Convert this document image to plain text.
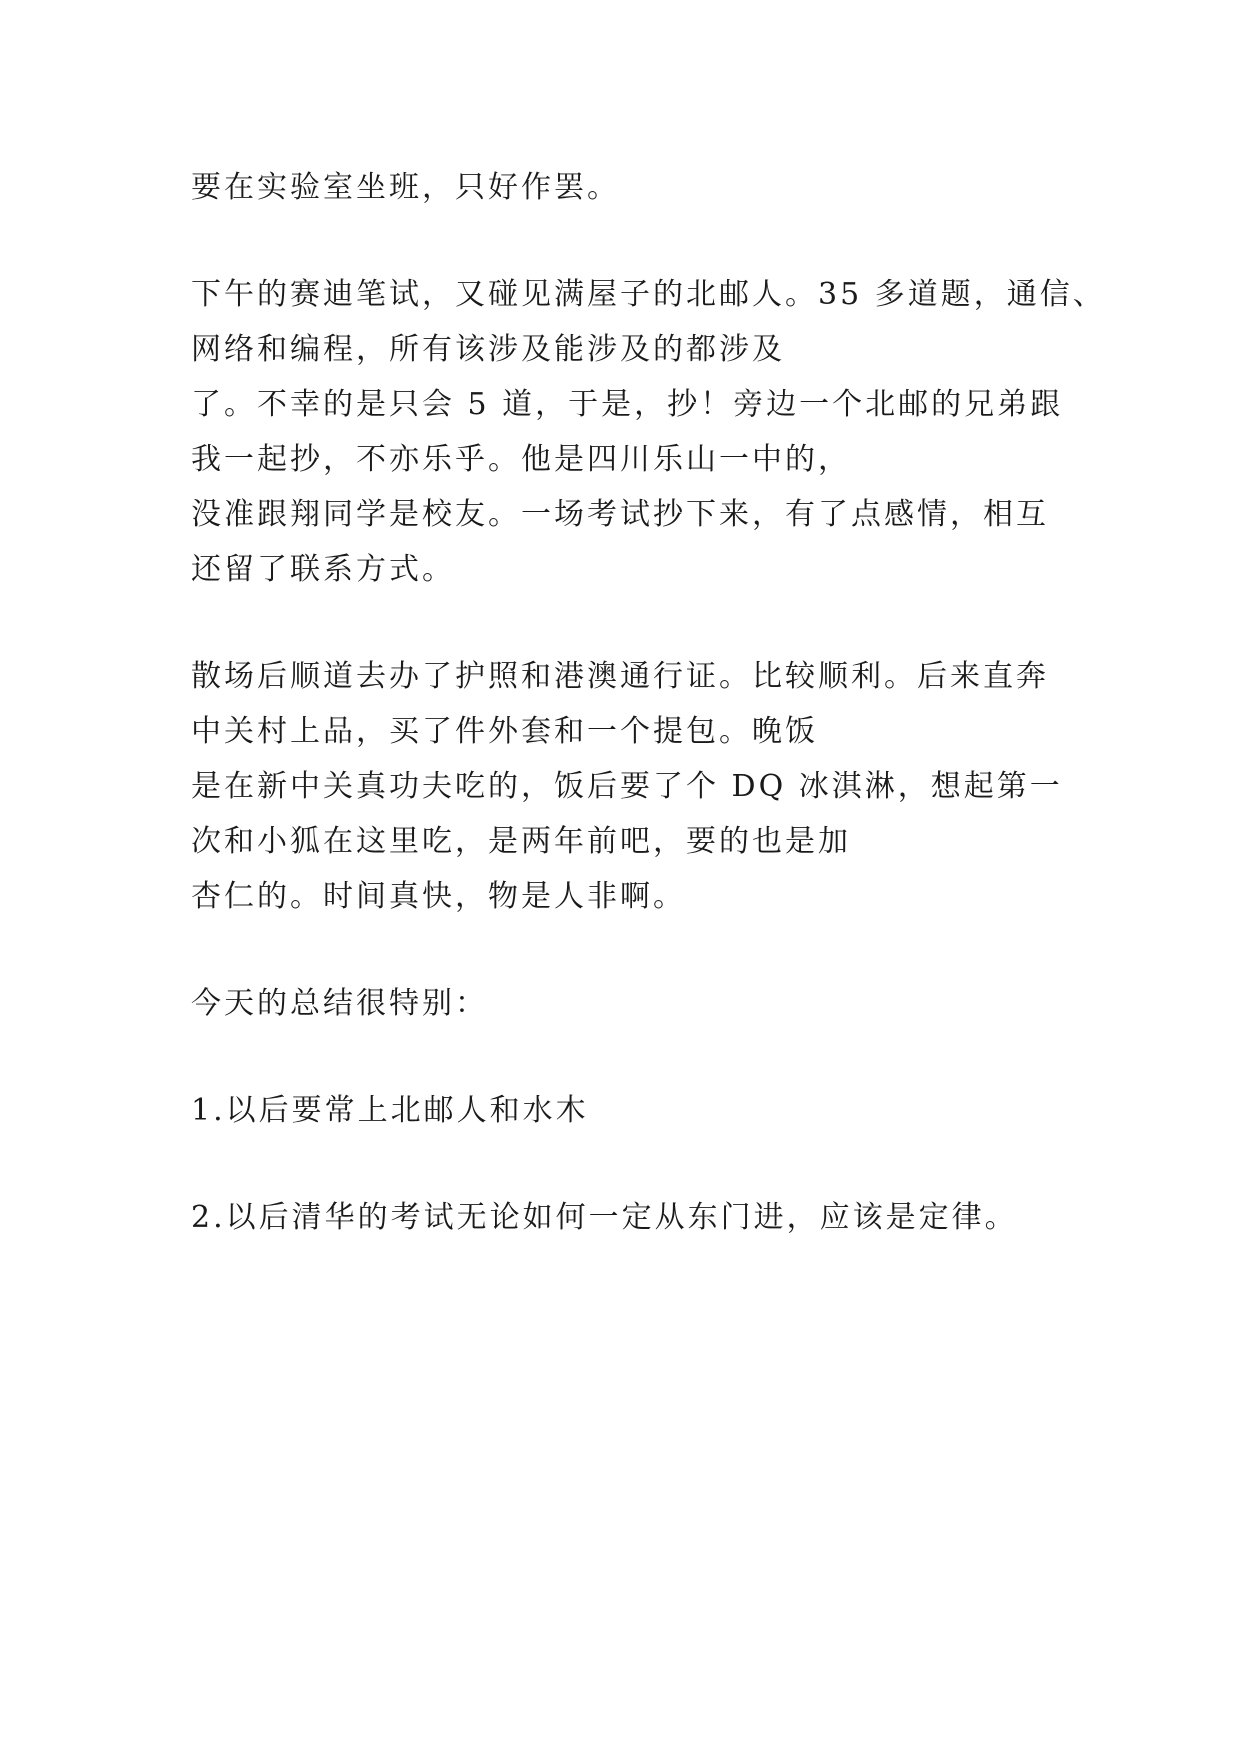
要在实验室坐班，只好作罢。
下午的赛迪笔试，又碰见满屋子的北邮人。35 多道题，通信、
网络和编程，所有该涉及能涉及的都涉及
了。不幸的是只会 5 道，于是，抄！旁边一个北邮的兄弟跟
我一起抄，不亦乐乎。他是四川乐山一中的，
没准跟翔同学是校友。一场考试抄下来，有了点感情，相互
还留了联系方式。
散场后顺道去办了护照和港澳通行证。比较顺利。后来直奔
中关村上品，买了件外套和一个提包。晚饭
是在新中关真功夫吃的，饭后要了个 DQ 冰淇淋，想起第一
次和小狐在这里吃，是两年前吧，要的也是加
杏仁的。时间真快，物是人非啊。
今天的总结很特别：
1.以后要常上北邮人和水木
2.以后清华的考试无论如何一定从东门进，应该是定律。
